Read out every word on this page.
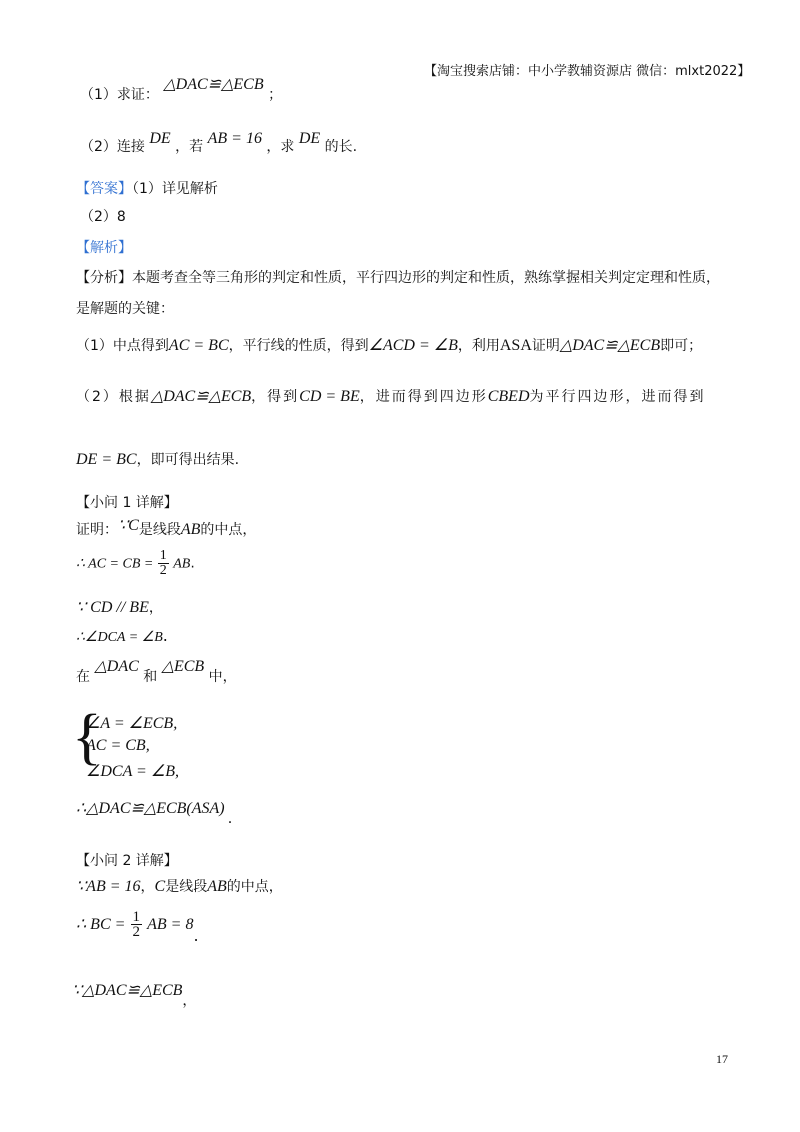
【淘宝搜索店铺：中小学教辅资源店 微信：mlxt2022】
（1）求证： △DAC≌△ECB ；
（2）连接 DE ，若 AB = 16 ，求 DE 的长.
【答案】（1）详见解析
（2）8
【解析】
【分析】本题考查全等三角形的判定和性质，平行四边形的判定和性质，熟练掌握相关判定定理和性质，
是解题的关键：
（1）中点得到AC = BC，平行线的性质，得到∠ACD = ∠B，利用ASA证明△DAC≌△ECB即可；
（2）根据△DAC≌△ECB，得到CD = BE，进而得到四边形CBED为平行四边形，进而得到
DE = BC，即可得出结果.
【小问 1 详解】
证明：∵C是线段AB的中点，
∴ AC = CB = $\frac{1}{2}$ AB.
∵ CD // BE，
∴∠DCA = ∠B.
在 △DAC 和 △ECB 中，
{
∠A = ∠ECB,
AC = CB,
∠DCA = ∠B,
∴△DAC≌△ECB(ASA)
.
【小问 2 详解】
∵AB = 16，C是线段AB的中点，
∴ BC = $\frac{1}{2}$ AB = 8.
∵△DAC≌△ECB，
17
